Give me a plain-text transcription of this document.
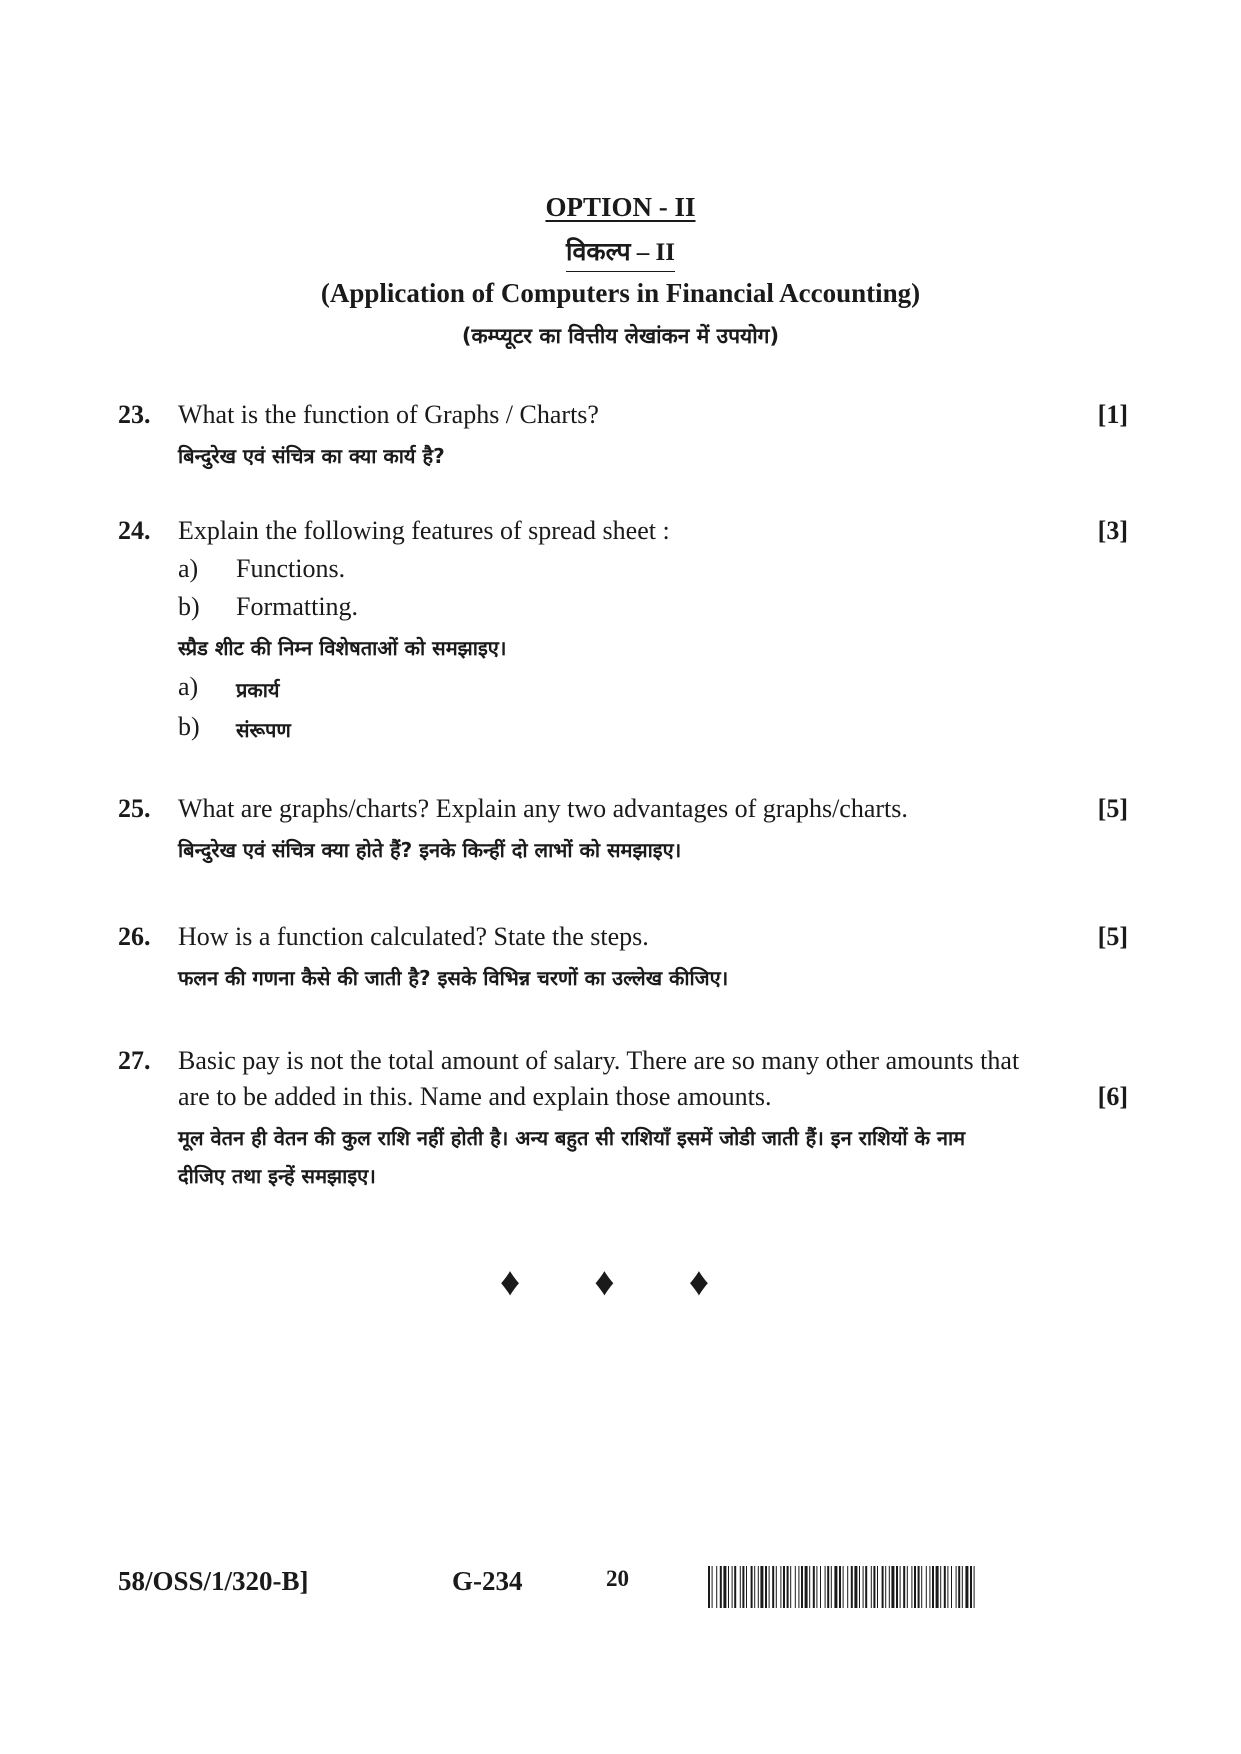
OPTION - II
विकल्प – II
(Application of Computers in Financial Accounting)
(कम्प्यूटर का वित्तीय लेखांकन में उपयोग)
23. What is the function of Graphs / Charts?	[1]
बिन्दुरेख एवं संचित्र का क्या कार्य है?
24. Explain the following features of spread sheet :	[3]
a) Functions.
b) Formatting.
स्प्रैड शीट की निम्न विशेषताओं को समझाइए।
a) प्रकार्य
b) संरूपण
25. What are graphs/charts? Explain any two advantages of graphs/charts.	[5]
बिन्दुरेख एवं संचित्र क्या होते हैं? इनके किन्हीं दो लाभों को समझाइए।
26. How is a function calculated? State the steps.	[5]
फलन की गणना कैसे की जाती है? इसके विभिन्न चरणों का उल्लेख कीजिए।
27. Basic pay is not the total amount of salary. There are so many other amounts that
are to be added in this. Name and explain those amounts.	[6]
मूल वेतन ही वेतन की कुल राशि नहीं होती है। अन्य बहुत सी राशियाँ इसमें जोडी जाती हैं। इन राशियों के नाम
दीजिए तथा इन्हें समझाइए।
♦ ♦ ♦
58/OSS/1/320-B]	G-234	20
